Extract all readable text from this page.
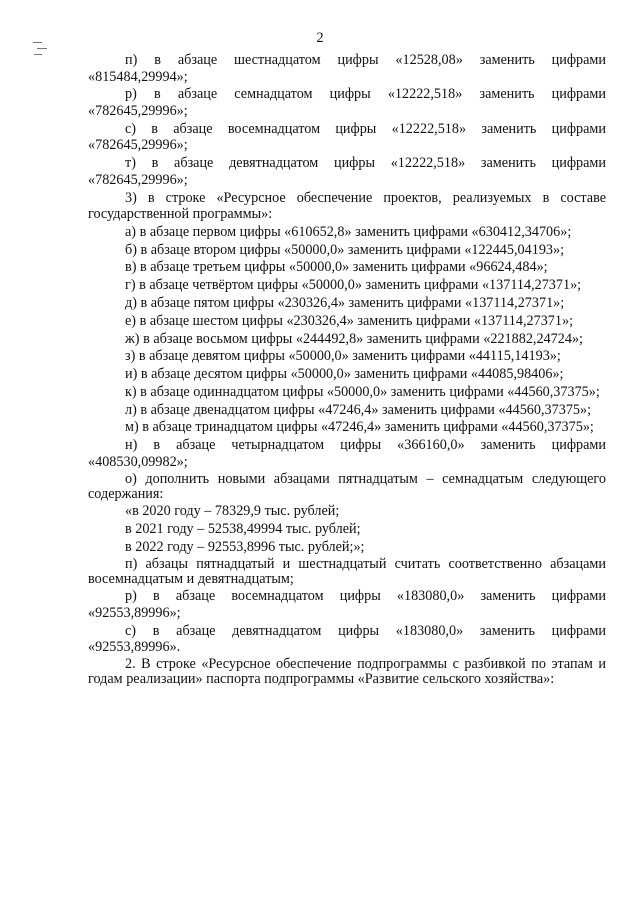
2

п) в абзаце шестнадцатом цифры «12528,08» заменить цифрами «815484,29994»;

р) в абзаце семнадцатом цифры «12222,518» заменить цифрами «782645,29996»;

с) в абзаце восемнадцатом цифры «12222,518» заменить цифрами «782645,29996»;

т) в абзаце девятнадцатом цифры «12222,518» заменить цифрами «782645,29996»;

3) в строке «Ресурсное обеспечение проектов, реализуемых в составе государственной программы»:

а) в абзаце первом цифры «610652,8» заменить цифрами «630412,34706»;

б) в абзаце втором цифры «50000,0» заменить цифрами «122445,04193»;

в) в абзаце третьем цифры «50000,0» заменить цифрами «96624,484»;

г) в абзаце четвёртом цифры «50000,0» заменить цифрами «137114,27371»;

д) в абзаце пятом цифры «230326,4» заменить цифрами «137114,27371»;

е) в абзаце шестом цифры «230326,4» заменить цифрами «137114,27371»;

ж) в абзаце восьмом цифры «244492,8» заменить цифрами «221882,24724»;

з) в абзаце девятом цифры «50000,0» заменить цифрами «44115,14193»;

и) в абзаце десятом цифры «50000,0» заменить цифрами «44085,98406»;

к) в абзаце одиннадцатом цифры «50000,0» заменить цифрами «44560,37375»;

л) в абзаце двенадцатом цифры «47246,4» заменить цифрами «44560,37375»;

м) в абзаце тринадцатом цифры «47246,4» заменить цифрами «44560,37375»;

н) в абзаце четырнадцатом цифры «366160,0» заменить цифрами «408530,09982»;

о) дополнить новыми абзацами пятнадцатым – семнадцатым следующего содержания:

«в 2020 году – 78329,9 тыс. рублей;

в 2021 году – 52538,49994 тыс. рублей;

в 2022 году – 92553,8996 тыс. рублей;»;

п) абзацы пятнадцатый и шестнадцатый считать соответственно абзацами восемнадцатым и девятнадцатым;

р) в абзаце восемнадцатом цифры «183080,0» заменить цифрами «92553,89996»;

с) в абзаце девятнадцатом цифры «183080,0» заменить цифрами «92553,89996».

2. В строке «Ресурсное обеспечение подпрограммы с разбивкой по этапам и годам реализации» паспорта подпрограммы «Развитие сельского хозяйства»:
